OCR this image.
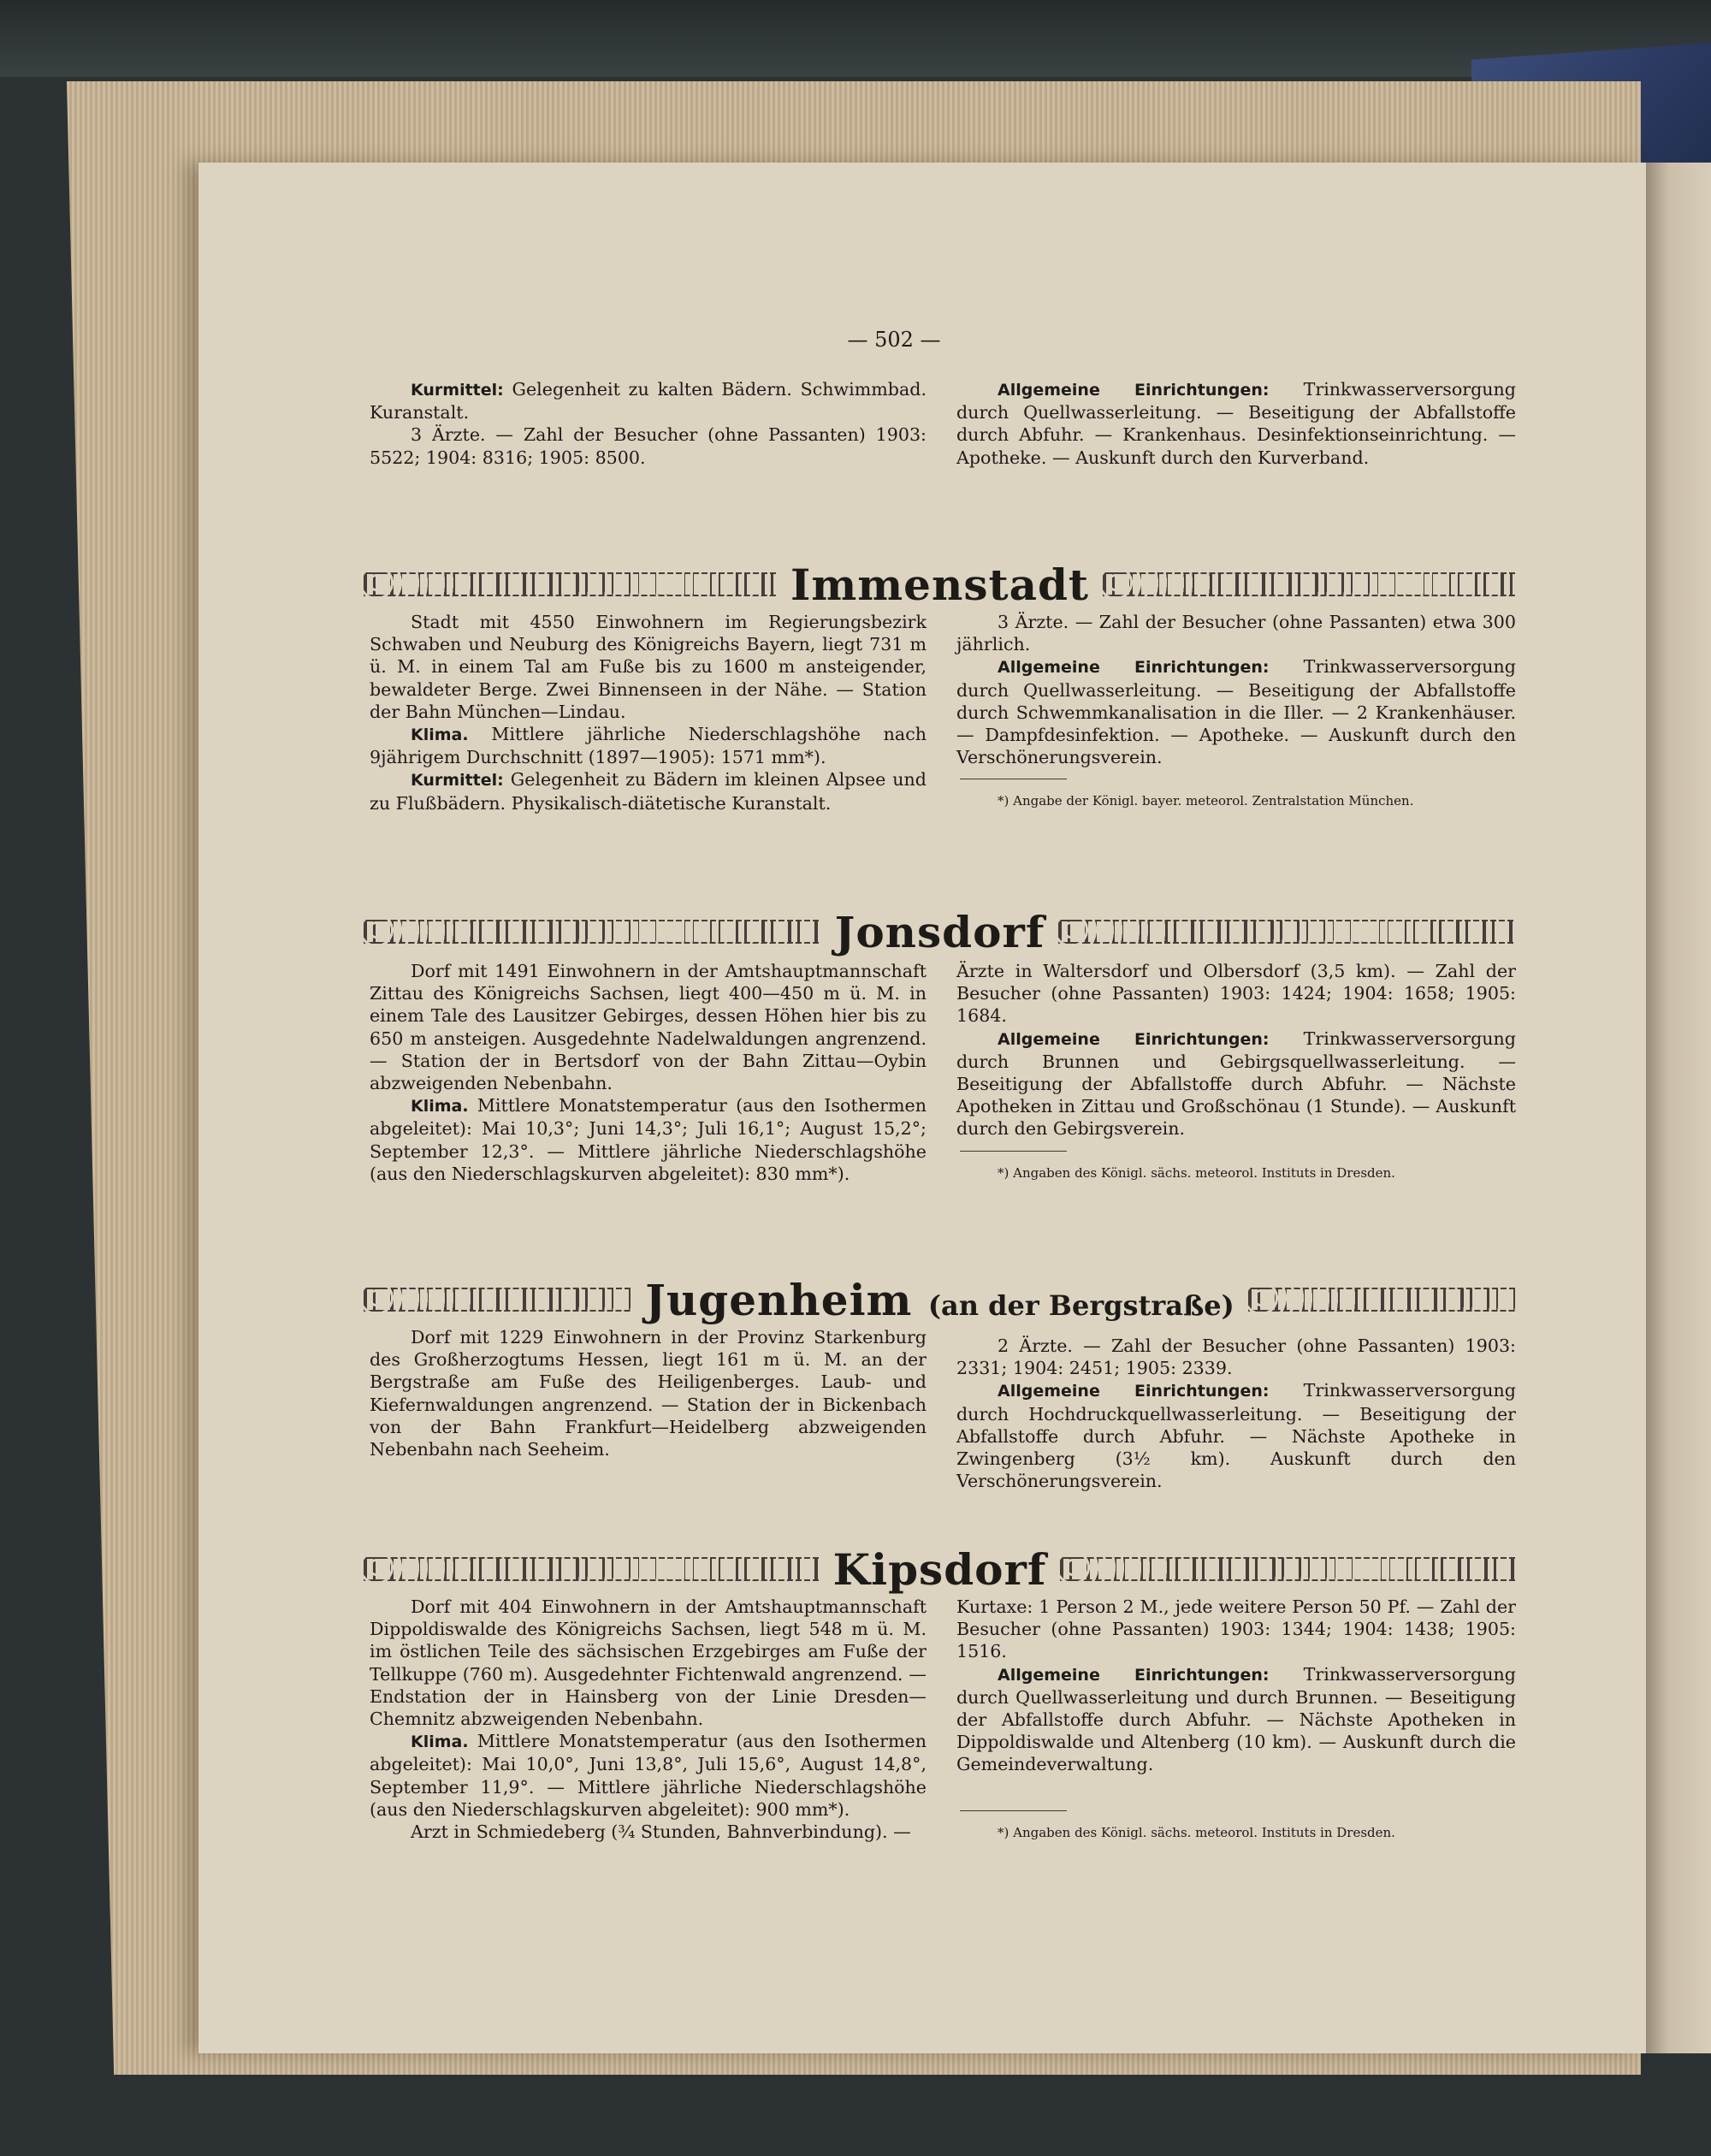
— 502 —

Kurmittel: Gelegenheit zu kalten Bädern. Schwimmbad. Kuranstalt.

3 Ärzte. — Zahl der Besucher (ohne Passanten) 1903: 5522; 1904: 8316; 1905: 8500.

Allgemeine Einrichtungen: Trinkwasserversorgung durch Quellwasserleitung. — Beseitigung der Abfallstoffe durch Abfuhr. — Krankenhaus. Desinfektionseinrichtung. — Apotheke. — Auskunft durch den Kurverband.

Immenstadt

Stadt mit 4550 Einwohnern im Regierungsbezirk Schwaben und Neuburg des Königreichs Bayern, liegt 731 m ü. M. in einem Tal am Fuße bis zu 1600 m ansteigender, bewaldeter Berge. Zwei Binnenseen in der Nähe. — Station der Bahn München—Lindau.

Klima. Mittlere jährliche Niederschlagshöhe nach 9jährigem Durchschnitt (1897—1905): 1571 mm*).

Kurmittel: Gelegenheit zu Bädern im kleinen Alpsee und zu Flußbädern. Physikalisch-diätetische Kuranstalt.

3 Ärzte. — Zahl der Besucher (ohne Passanten) etwa 300 jährlich.

Allgemeine Einrichtungen: Trinkwasserversorgung durch Quellwasserleitung. — Beseitigung der Abfallstoffe durch Schwemmkanalisation in die Iller. — 2 Krankenhäuser. — Dampfdesinfektion. — Apotheke. — Auskunft durch den Verschönerungsverein.

*) Angabe der Königl. bayer. meteorol. Zentralstation München.

Jonsdorf

Dorf mit 1491 Einwohnern in der Amtshauptmannschaft Zittau des Königreichs Sachsen, liegt 400—450 m ü. M. in einem Tale des Lausitzer Gebirges, dessen Höhen hier bis zu 650 m ansteigen. Ausgedehnte Nadelwaldungen angrenzend. — Station der in Bertsdorf von der Bahn Zittau—Oybin abzweigenden Nebenbahn.

Klima. Mittlere Monatstemperatur (aus den Isothermen abgeleitet): Mai 10,3°; Juni 14,3°; Juli 16,1°; August 15,2°; September 12,3°. — Mittlere jährliche Niederschlagshöhe (aus den Niederschlagskurven abgeleitet): 830 mm*).

Ärzte in Waltersdorf und Olbersdorf (3,5 km). — Zahl der Besucher (ohne Passanten) 1903: 1424; 1904: 1658; 1905: 1684.

Allgemeine Einrichtungen: Trinkwasserversorgung durch Brunnen und Gebirgsquellwasserleitung. — Beseitigung der Abfallstoffe durch Abfuhr. — Nächste Apotheken in Zittau und Großschönau (1 Stunde). — Auskunft durch den Gebirgsverein.

*) Angaben des Königl. sächs. meteorol. Instituts in Dresden.

Jugenheim (an der Bergstraße)

Dorf mit 1229 Einwohnern in der Provinz Starkenburg des Großherzogtums Hessen, liegt 161 m ü. M. an der Bergstraße am Fuße des Heiligenberges. Laub- und Kiefernwaldungen angrenzend. — Station der in Bickenbach von der Bahn Frankfurt—Heidelberg abzweigenden Nebenbahn nach Seeheim.

2 Ärzte. — Zahl der Besucher (ohne Passanten) 1903: 2331; 1904: 2451; 1905: 2339.

Allgemeine Einrichtungen: Trinkwasserversorgung durch Hochdruckquellwasserleitung. — Beseitigung der Abfallstoffe durch Abfuhr. — Nächste Apotheke in Zwingenberg (3½ km). Auskunft durch den Verschönerungsverein.

Kipsdorf

Dorf mit 404 Einwohnern in der Amtshauptmannschaft Dippoldiswalde des Königreichs Sachsen, liegt 548 m ü. M. im östlichen Teile des sächsischen Erzgebirges am Fuße der Tellkuppe (760 m). Ausgedehnter Fichtenwald angrenzend. — Endstation der in Hainsberg von der Linie Dresden—Chemnitz abzweigenden Nebenbahn.

Klima. Mittlere Monatstemperatur (aus den Isothermen abgeleitet): Mai 10,0°, Juni 13,8°, Juli 15,6°, August 14,8°, September 11,9°. — Mittlere jährliche Niederschlagshöhe (aus den Niederschlagskurven abgeleitet): 900 mm*).

Arzt in Schmiedeberg (¾ Stunden, Bahnverbindung). —

Kurtaxe: 1 Person 2 M., jede weitere Person 50 Pf. — Zahl der Besucher (ohne Passanten) 1903: 1344; 1904: 1438; 1905: 1516.

Allgemeine Einrichtungen: Trinkwasserversorgung durch Quellwasserleitung und durch Brunnen. — Beseitigung der Abfallstoffe durch Abfuhr. — Nächste Apotheken in Dippoldiswalde und Altenberg (10 km). — Auskunft durch die Gemeindeverwaltung.

*) Angaben des Königl. sächs. meteorol. Instituts in Dresden.
